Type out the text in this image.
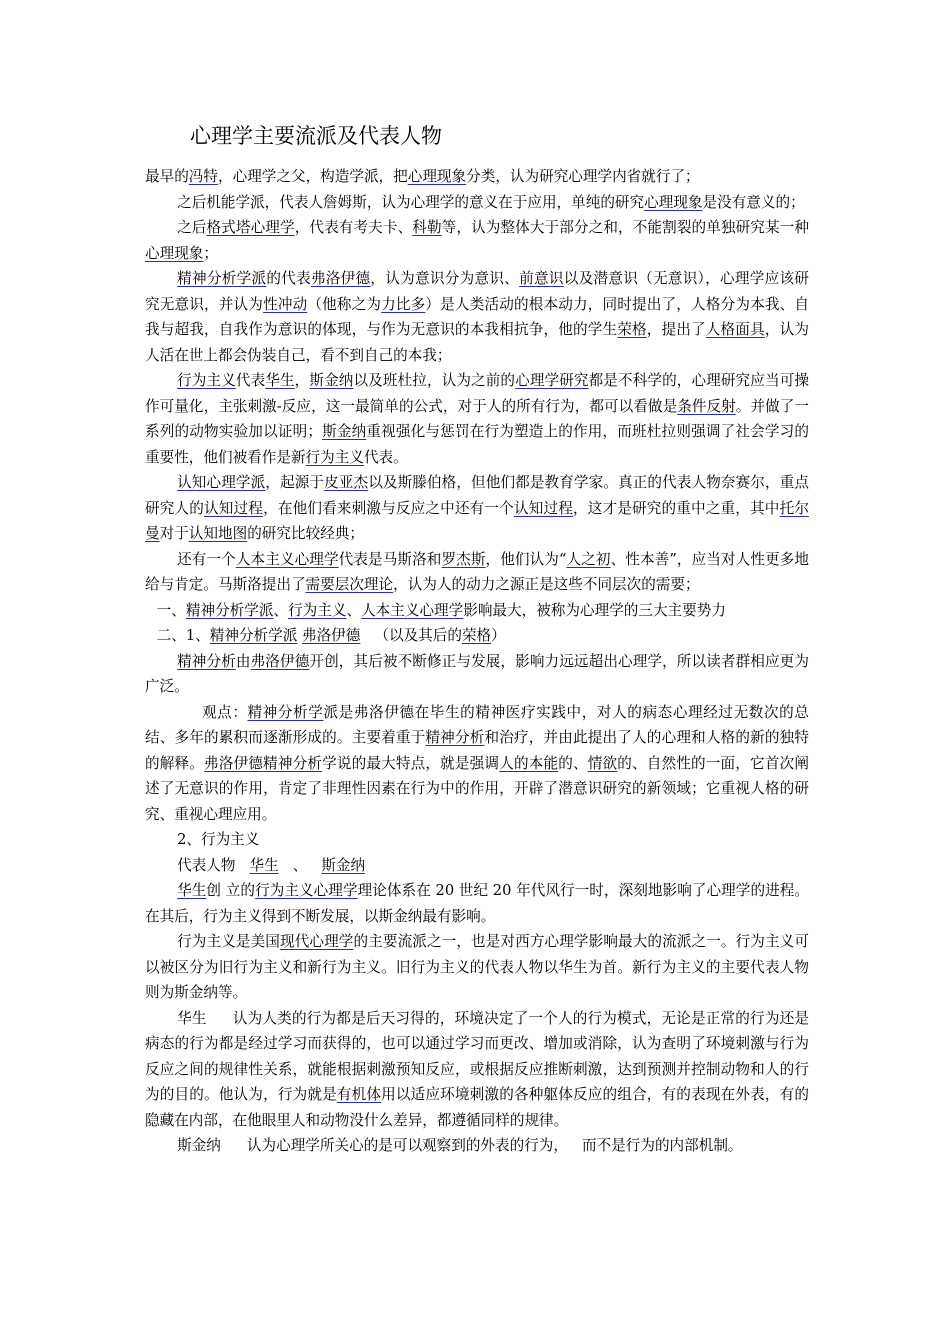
心理学主要流派及代表人物

最早的冯特，心理学之父，构造学派，把心理现象分类，认为研究心理学内省就行了；

之后机能学派，代表人詹姆斯，认为心理学的意义在于应用，单纯的研究心理现象是没有意义的；

之后格式塔心理学，代表有考夫卡、科勒等，认为整体大于部分之和，不能割裂的单独研究某一种心理现象；

精神分析学派的代表弗洛伊德，认为意识分为意识、前意识以及潜意识（无意识），心理学应该研究无意识，并认为性冲动（他称之为力比多）是人类活动的根本动力，同时提出了，人格分为本我、自我与超我，自我作为意识的体现，与作为无意识的本我相抗争，他的学生荣格，提出了人格面具，认为人活在世上都会伪装自己，看不到自己的本我；

行为主义代表华生，斯金纳以及班杜拉，认为之前的心理学研究都是不科学的，心理研究应当可操作可量化，主张刺激-反应，这一最简单的公式，对于人的所有行为，都可以看做是条件反射。并做了一系列的动物实验加以证明；斯金纳重视强化与惩罚在行为塑造上的作用，而班杜拉则强调了社会学习的重要性，他们被看作是新行为主义代表。

认知心理学派，起源于皮亚杰以及斯滕伯格，但他们都是教育学家。真正的代表人物奈赛尔，重点研究人的认知过程，在他们看来刺激与反应之中还有一个认知过程，这才是研究的重中之重，其中托尔曼对于认知地图的研究比较经典；

还有一个人本主义心理学代表是马斯洛和罗杰斯，他们认为“人之初、性本善”，应当对人性更多地给与肯定。马斯洛提出了需要层次理论，认为人的动力之源正是这些不同层次的需要；

一、精神分析学派、行为主义、人本主义心理学影响最大，被称为心理学的三大主要势力

二、1、精神分析学派 弗洛伊德 （以及其后的荣格）

精神分析由弗洛伊德开创，其后被不断修正与发展，影响力远远超出心理学，所以读者群相应更为广泛。

观点：精神分析学派是弗洛伊德在毕生的精神医疗实践中，对人的病态心理经过无数次的总结、多年的累积而逐渐形成的。主要着重于精神分析和治疗，并由此提出了人的心理和人格的新的独特的解释。弗洛伊德精神分析学说的最大特点，就是强调人的本能的、情欲的、自然性的一面，它首次阐述了无意识的作用，肯定了非理性因素在行为中的作用，开辟了潜意识研究的新领域；它重视人格的研究、重视心理应用。

2、行为主义

代表人物 华生 、 斯金纳

华生创 立的行为主义心理学理论体系在 20 世纪 20 年代风行一时，深刻地影响了心理学的进程。在其后，行为主义得到不断发展，以斯金纳最有影响。

行为主义是美国现代心理学的主要流派之一，也是对西方心理学影响最大的流派之一。行为主义可以被区分为旧行为主义和新行为主义。旧行为主义的代表人物以华生为首。新行为主义的主要代表人物则为斯金纳等。

华生 认为人类的行为都是后天习得的，环境决定了一个人的行为模式，无论是正常的行为还是病态的行为都是经过学习而获得的，也可以通过学习而更改、增加或消除，认为查明了环境刺激与行为反应之间的规律性关系，就能根据刺激预知反应，或根据反应推断刺激，达到预测并控制动物和人的行为的目的。他认为，行为就是有机体用以适应环境刺激的各种躯体反应的组合，有的表现在外表，有的隐藏在内部，在他眼里人和动物没什么差异，都遵循同样的规律。

斯金纳 认为心理学所关心的是可以观察到的外表的行为， 而不是行为的内部机制。
